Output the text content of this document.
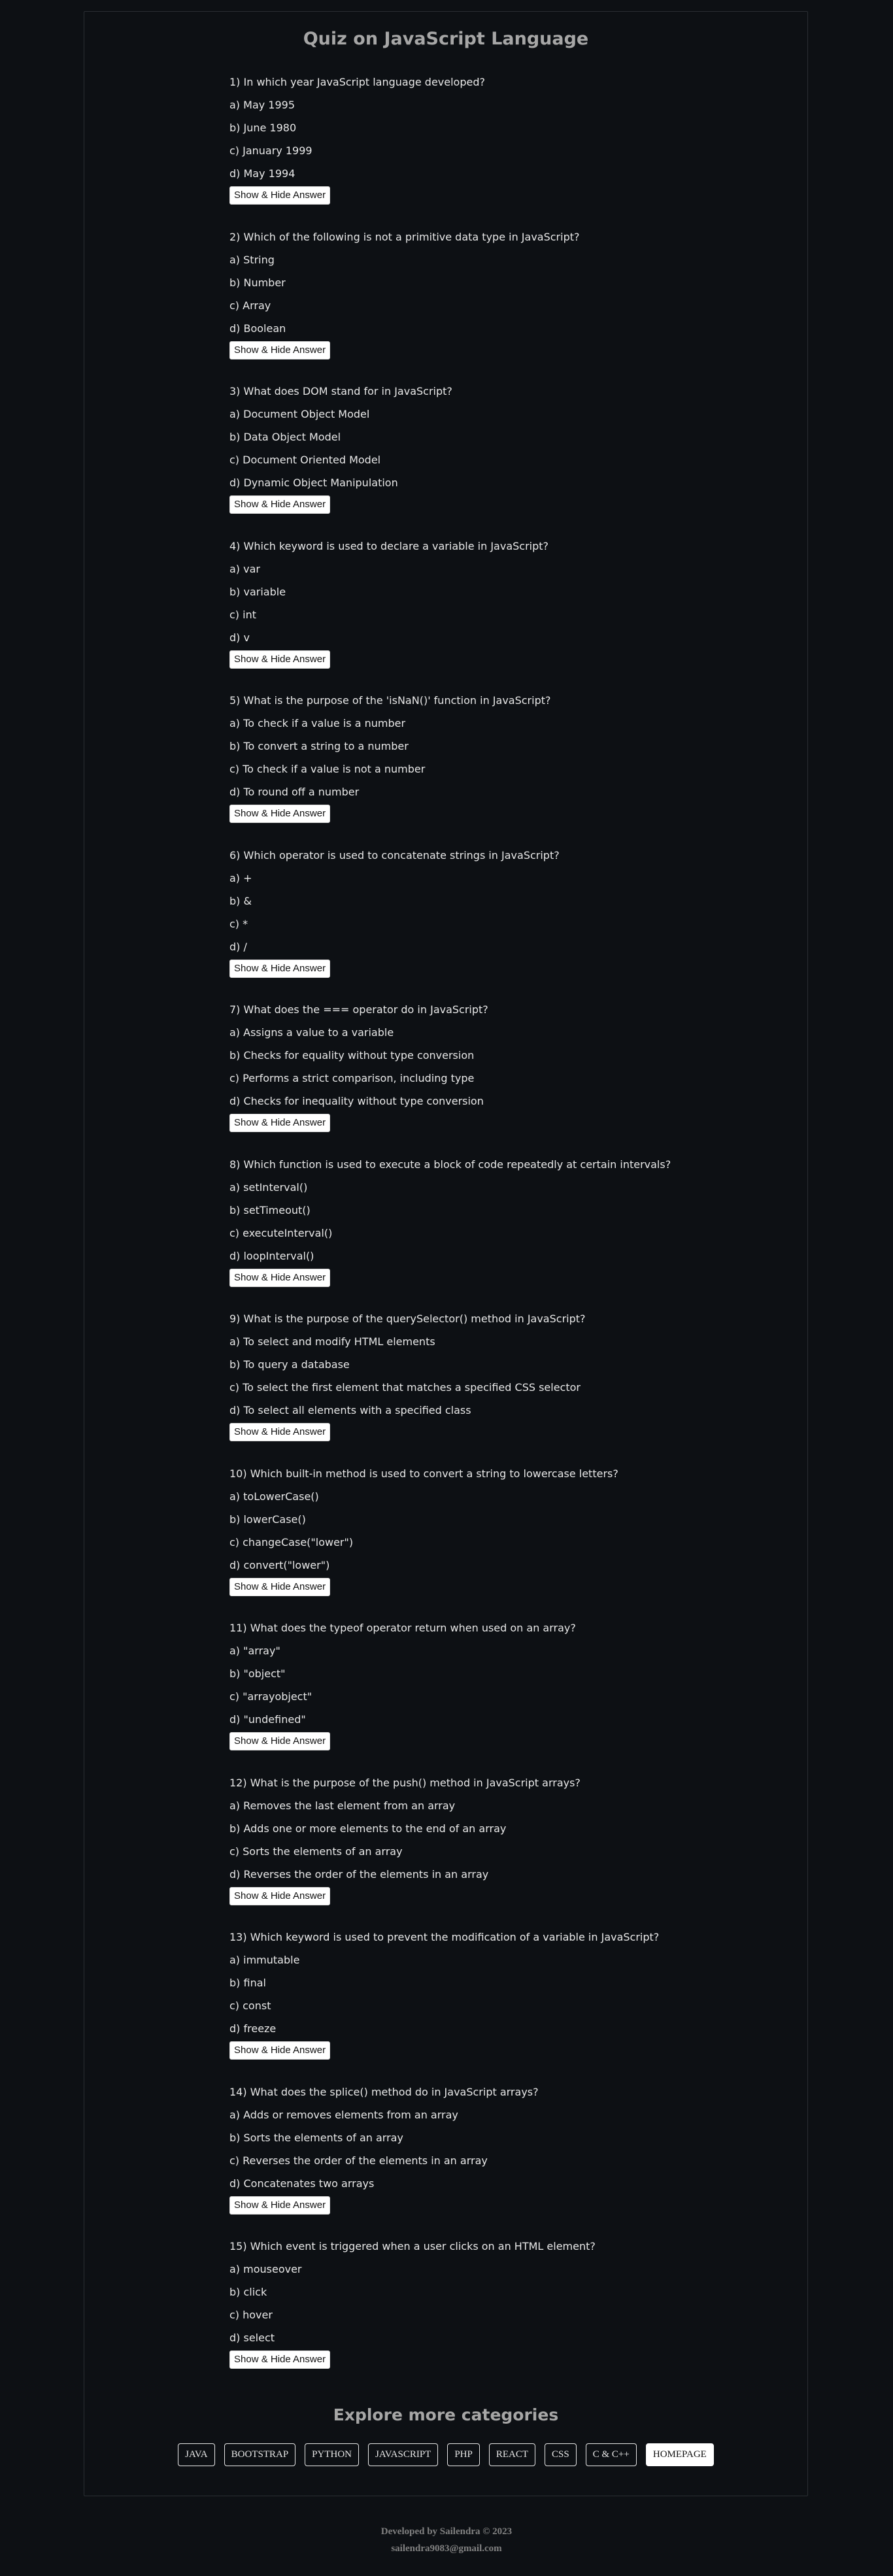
Quiz on JavaScript Language
1) In which year JavaScript language developed?
a) May 1995
b) June 1980
c) January 1999
d) May 1994
Show & Hide Answer
2) Which of the following is not a primitive data type in JavaScript?
a) String
b) Number
c) Array
d) Boolean
Show & Hide Answer
3) What does DOM stand for in JavaScript?
a) Document Object Model
b) Data Object Model
c) Document Oriented Model
d) Dynamic Object Manipulation
Show & Hide Answer
4) Which keyword is used to declare a variable in JavaScript?
a) var
b) variable
c) int
d) v
Show & Hide Answer
5) What is the purpose of the 'isNaN()' function in JavaScript?
a) To check if a value is a number
b) To convert a string to a number
c) To check if a value is not a number
d) To round off a number
Show & Hide Answer
6) Which operator is used to concatenate strings in JavaScript?
a) +
b) &
c) *
d) /
Show & Hide Answer
7) What does the === operator do in JavaScript?
a) Assigns a value to a variable
b) Checks for equality without type conversion
c) Performs a strict comparison, including type
d) Checks for inequality without type conversion
Show & Hide Answer
8) Which function is used to execute a block of code repeatedly at certain intervals?
a) setInterval()
b) setTimeout()
c) executeInterval()
d) loopInterval()
Show & Hide Answer
9) What is the purpose of the querySelector() method in JavaScript?
a) To select and modify HTML elements
b) To query a database
c) To select the first element that matches a specified CSS selector
d) To select all elements with a specified class
Show & Hide Answer
10) Which built-in method is used to convert a string to lowercase letters?
a) toLowerCase()
b) lowerCase()
c) changeCase("lower")
d) convert("lower")
Show & Hide Answer
11) What does the typeof operator return when used on an array?
a) "array"
b) "object"
c) "arrayobject"
d) "undefined"
Show & Hide Answer
12) What is the purpose of the push() method in JavaScript arrays?
a) Removes the last element from an array
b) Adds one or more elements to the end of an array
c) Sorts the elements of an array
d) Reverses the order of the elements in an array
Show & Hide Answer
13) Which keyword is used to prevent the modification of a variable in JavaScript?
a) immutable
b) final
c) const
d) freeze
Show & Hide Answer
14) What does the splice() method do in JavaScript arrays?
a) Adds or removes elements from an array
b) Sorts the elements of an array
c) Reverses the order of the elements in an array
d) Concatenates two arrays
Show & Hide Answer
15) Which event is triggered when a user clicks on an HTML element?
a) mouseover
b) click
c) hover
d) select
Show & Hide Answer
Explore more categories
JAVA	BOOTSTRAP	PYTHON	JAVASCRIPT	PHP	REACT	CSS	C & C++	HOMEPAGE
Developed by Sailendra © 2023
sailendra9083@gmail.com
